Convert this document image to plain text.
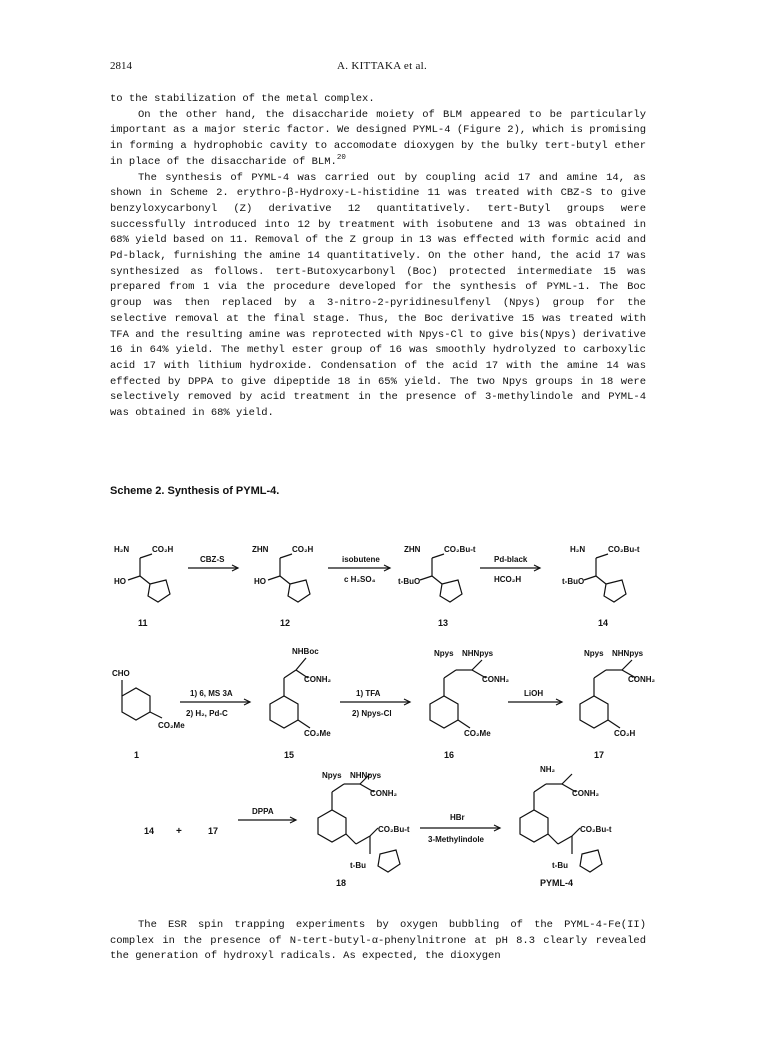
2814	A. KITTAKA et al.

to the stabilization of the metal complex.

On the other hand, the disaccharide moiety of BLM appeared to be particularly important as a major steric factor. We designed PYML-4 (Figure 2), which is promising in forming a hydrophobic cavity to accomodate dioxygen by the bulky tert-butyl ether in place of the disaccharide of BLM.$^{20}$

The synthesis of PYML-4 was carried out by coupling acid 17 and amine 14, as shown in Scheme 2. erythro-β-Hydroxy-L-histidine 11 was treated with CBZ-S to give benzyloxycarbonyl (Z) derivative 12 quantitatively. tert-Butyl groups were successfully introduced into 12 by treatment with isobutene and 13 was obtained in 68% yield based on 11. Removal of the Z group in 13 was effected with formic acid and Pd-black, furnishing the amine 14 quantitatively. On the other hand, the acid 17 was synthesized as follows. tert-Butoxycarbonyl (Boc) protected intermediate 15 was prepared from 1 via the procedure developed for the synthesis of PYML-1. The Boc group was then replaced by a 3-nitro-2-pyridinesulfenyl (Npys) group for the selective removal at the final stage. Thus, the Boc derivative 15 was treated with TFA and the resulting amine was reprotected with Npys-Cl to give bis(Npys) derivative 16 in 64% yield. The methyl ester group of 16 was smoothly hydrolyzed to carboxylic acid 17 with lithium hydroxide. Condensation of the acid 17 with the amine 14 was effected by DPPA to give dipeptide 18 in 65% yield. The two Npys groups in 18 were selectively removed by acid treatment in the presence of 3-methylindole and PYML-4 was obtained in 68% yield.

Scheme 2. Synthesis of PYML-4.
H₂N	CO₂H
HO
11
CBZ-S
ZHN	CO₂H
HO
12
isobutene
c H₂SO₄
ZHN	CO₂Bu-t
t-BuO
13
Pd-black
HCO₂H
H₂N	CO₂Bu-t
t-BuO
14
CHO
CO₂Me
1
1) 6, MS 3A
2) H₂, Pd-C
NHBoc
CONH₂
CO₂Me
15
1) TFA
2) Npys-Cl
Npys NHNpys
CONH₂
CO₂Me
16
LiOH
Npys NHNpys
CONH₂
CO₂H
17
14 +	17
DPPA
Npys NHNpys
CONH₂
CO₂Bu-t
t-Bu
18
HBr
3-Methylindole
NH₂
CONH₂
CO₂Bu-t
t-Bu
PYML-4

The ESR spin trapping experiments by oxygen bubbling of the PYML-4-Fe(II) complex in the presence of N-tert-butyl-α-phenylnitrone at pH 8.3 clearly revealed the generation of hydroxyl radicals. As expected, the dioxygen
